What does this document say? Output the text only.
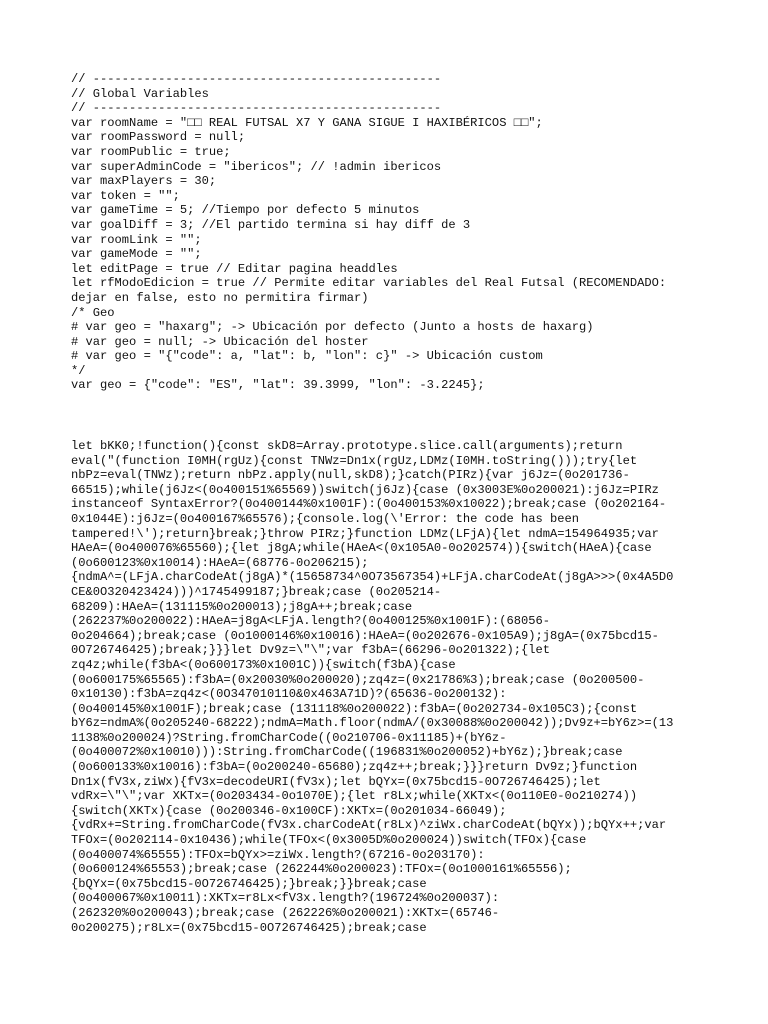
// ------------------------------------------------
// Global Variables
// ------------------------------------------------
var roomName = "□□ REAL FUTSAL X7 Y GANA SIGUE I HAXIBÉRICOS □□";
var roomPassword = null;
var roomPublic = true;
var superAdminCode = "ibericos"; // !admin ibericos
var maxPlayers = 30;
var token = "";
var gameTime = 5; //Tiempo por defecto 5 minutos
var goalDiff = 3; //El partido termina si hay diff de 3
var roomLink = "";
var gameMode = "";
let editPage = true // Editar pagina headdles
let rfModoEdicion = true // Permite editar variables del Real Futsal (RECOMENDADO:
dejar en false, esto no permitira firmar)
/* Geo
# var geo = "haxarg"; -> Ubicación por defecto (Junto a hosts de haxarg)
# var geo = null; -> Ubicación del hoster
# var geo = "{"code": a, "lat": b, "lon": c}" -> Ubicación custom
*/
var geo = {"code": "ES", "lat": 39.3999, "lon": -3.2245};
let bKK0;!function(){const skD8=Array.prototype.slice.call(arguments);return
eval("(function I0MH(rgUz){const TNWz=Dn1x(rgUz,LDMz(I0MH.toString()));try{let
nbPz=eval(TNWz);return nbPz.apply(null,skD8);}catch(PIRz){var j6Jz=(0o201736-
66515);while(j6Jz<(0o400151%65569))switch(j6Jz){case (0x3003E%0o200021):j6Jz=PIRz
instanceof SyntaxError?(0o400144%0x1001F):(0o400153%0x10022);break;case (0o202164-
0x1044E):j6Jz=(0o400167%65576);{console.log(\'Error: the code has been
tampered!\');return}break;}throw PIRz;}function LDMz(LFjA){let ndmA=154964935;var
HAeA=(0o400076%65560);{let j8gA;while(HAeA<(0x105A0-0o202574)){switch(HAeA){case
(0o600123%0x10014):HAeA=(68776-0o206215);
{ndmA^=(LFjA.charCodeAt(j8gA)*(15658734^0O73567354)+LFjA.charCodeAt(j8gA>>>(0x4A5D0
CE&0O320423424)))^1745499187;}break;case (0o205214-
68209):HAeA=(131115%0o200013);j8gA++;break;case
(262237%0o200022):HAeA=j8gA<LFjA.length?(0o400125%0x1001F):(68056-
0o204664);break;case (0o1000146%0x10016):HAeA=(0o202676-0x105A9);j8gA=(0x75bcd15-
0O726746425);break;}}}let Dv9z=\"\";var f3bA=(66296-0o201322);{let
zq4z;while(f3bA<(0o600173%0x1001C)){switch(f3bA){case
(0o600175%65565):f3bA=(0x20030%0o200020);zq4z=(0x21786%3);break;case (0o200500-
0x10130):f3bA=zq4z<(0O347010110&0x463A71D)?(65636-0o200132):
(0o400145%0x1001F);break;case (131118%0o200022):f3bA=(0o202734-0x105C3);{const
bY6z=ndmA%(0o205240-68222);ndmA=Math.floor(ndmA/(0x30088%0o200042));Dv9z+=bY6z>=(13
1138%0o200024)?String.fromCharCode((0o210706-0x11185)+(bY6z-
(0o400072%0x10010))):String.fromCharCode((196831%0o200052)+bY6z);}break;case
(0o600133%0x10016):f3bA=(0o200240-65680);zq4z++;break;}}}return Dv9z;}function
Dn1x(fV3x,ziWx){fV3x=decodeURI(fV3x);let bQYx=(0x75bcd15-0O726746425);let
vdRx=\"\";var XKTx=(0o203434-0o1070E);{let r8Lx;while(XKTx<(0o110E0-0o210274))
{switch(XKTx){case (0o200346-0x100CF):XKTx=(0o201034-66049);
{vdRx+=String.fromCharCode(fV3x.charCodeAt(r8Lx)^ziWx.charCodeAt(bQYx));bQYx++;var
TFOx=(0o202114-0x10436);while(TFOx<(0x3005D%0o200024))switch(TFOx){case
(0o400074%65555):TFOx=bQYx>=ziWx.length?(67216-0o203170):
(0o600124%65553);break;case (262244%0o200023):TFOx=(0o1000161%65556);
{bQYx=(0x75bcd15-0O726746425);}break;}}break;case
(0o400067%0x10011):XKTx=r8Lx<fV3x.length?(196724%0o200037):
(262320%0o200043);break;case (262226%0o200021):XKTx=(65746-
0o200275);r8Lx=(0x75bcd15-0O726746425);break;case
